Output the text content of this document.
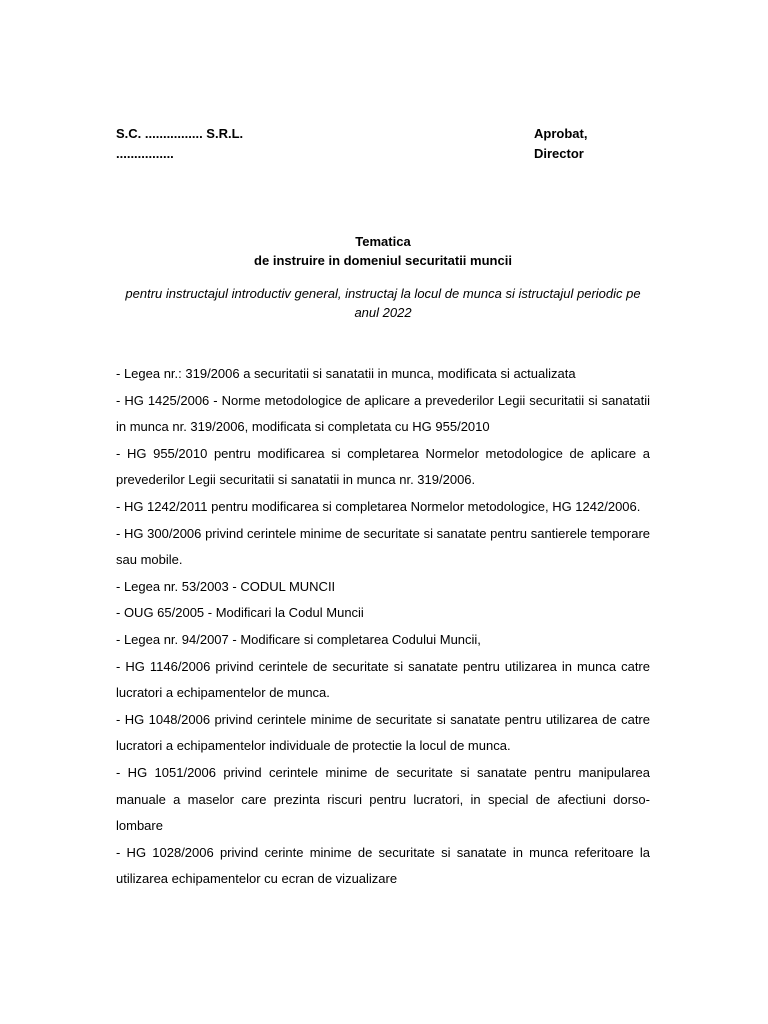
S.C. ................ S.R.L.
................
Aprobat,
Director
Tematica
de instruire in domeniul securitatii muncii
pentru instructajul introductiv general, instructaj la locul de munca si istructajul periodic pe anul 2022
- Legea nr.: 319/2006 a securitatii si sanatatii in munca, modificata si actualizata
- HG 1425/2006 - Norme metodologice de aplicare a prevederilor Legii securitatii si sanatatii in munca nr. 319/2006, modificata si completata cu HG 955/2010
- HG 955/2010 pentru modificarea si completarea Normelor metodologice de aplicare a prevederilor Legii securitatii si sanatatii in munca nr. 319/2006.
- HG 1242/2011 pentru modificarea si completarea Normelor metodologice, HG 1242/2006.
- HG 300/2006 privind cerintele minime de securitate si sanatate pentru santierele temporare sau mobile.
- Legea nr. 53/2003 - CODUL MUNCII
- OUG 65/2005 - Modificari la Codul Muncii
- Legea nr. 94/2007 - Modificare si completarea Codului Muncii,
- HG 1146/2006 privind cerintele de securitate si sanatate pentru utilizarea in munca catre lucratori a echipamentelor de munca.
- HG 1048/2006 privind cerintele minime de securitate si sanatate pentru utilizarea de catre lucratori a echipamentelor individuale de protectie la locul de munca.
- HG 1051/2006 privind cerintele minime de securitate si sanatate pentru manipularea manuale a maselor care prezinta riscuri pentru lucratori, in special de afectiuni dorso-lombare
- HG 1028/2006 privind cerinte minime de securitate si sanatate in munca referitoare la utilizarea echipamentelor cu ecran de vizualizare
